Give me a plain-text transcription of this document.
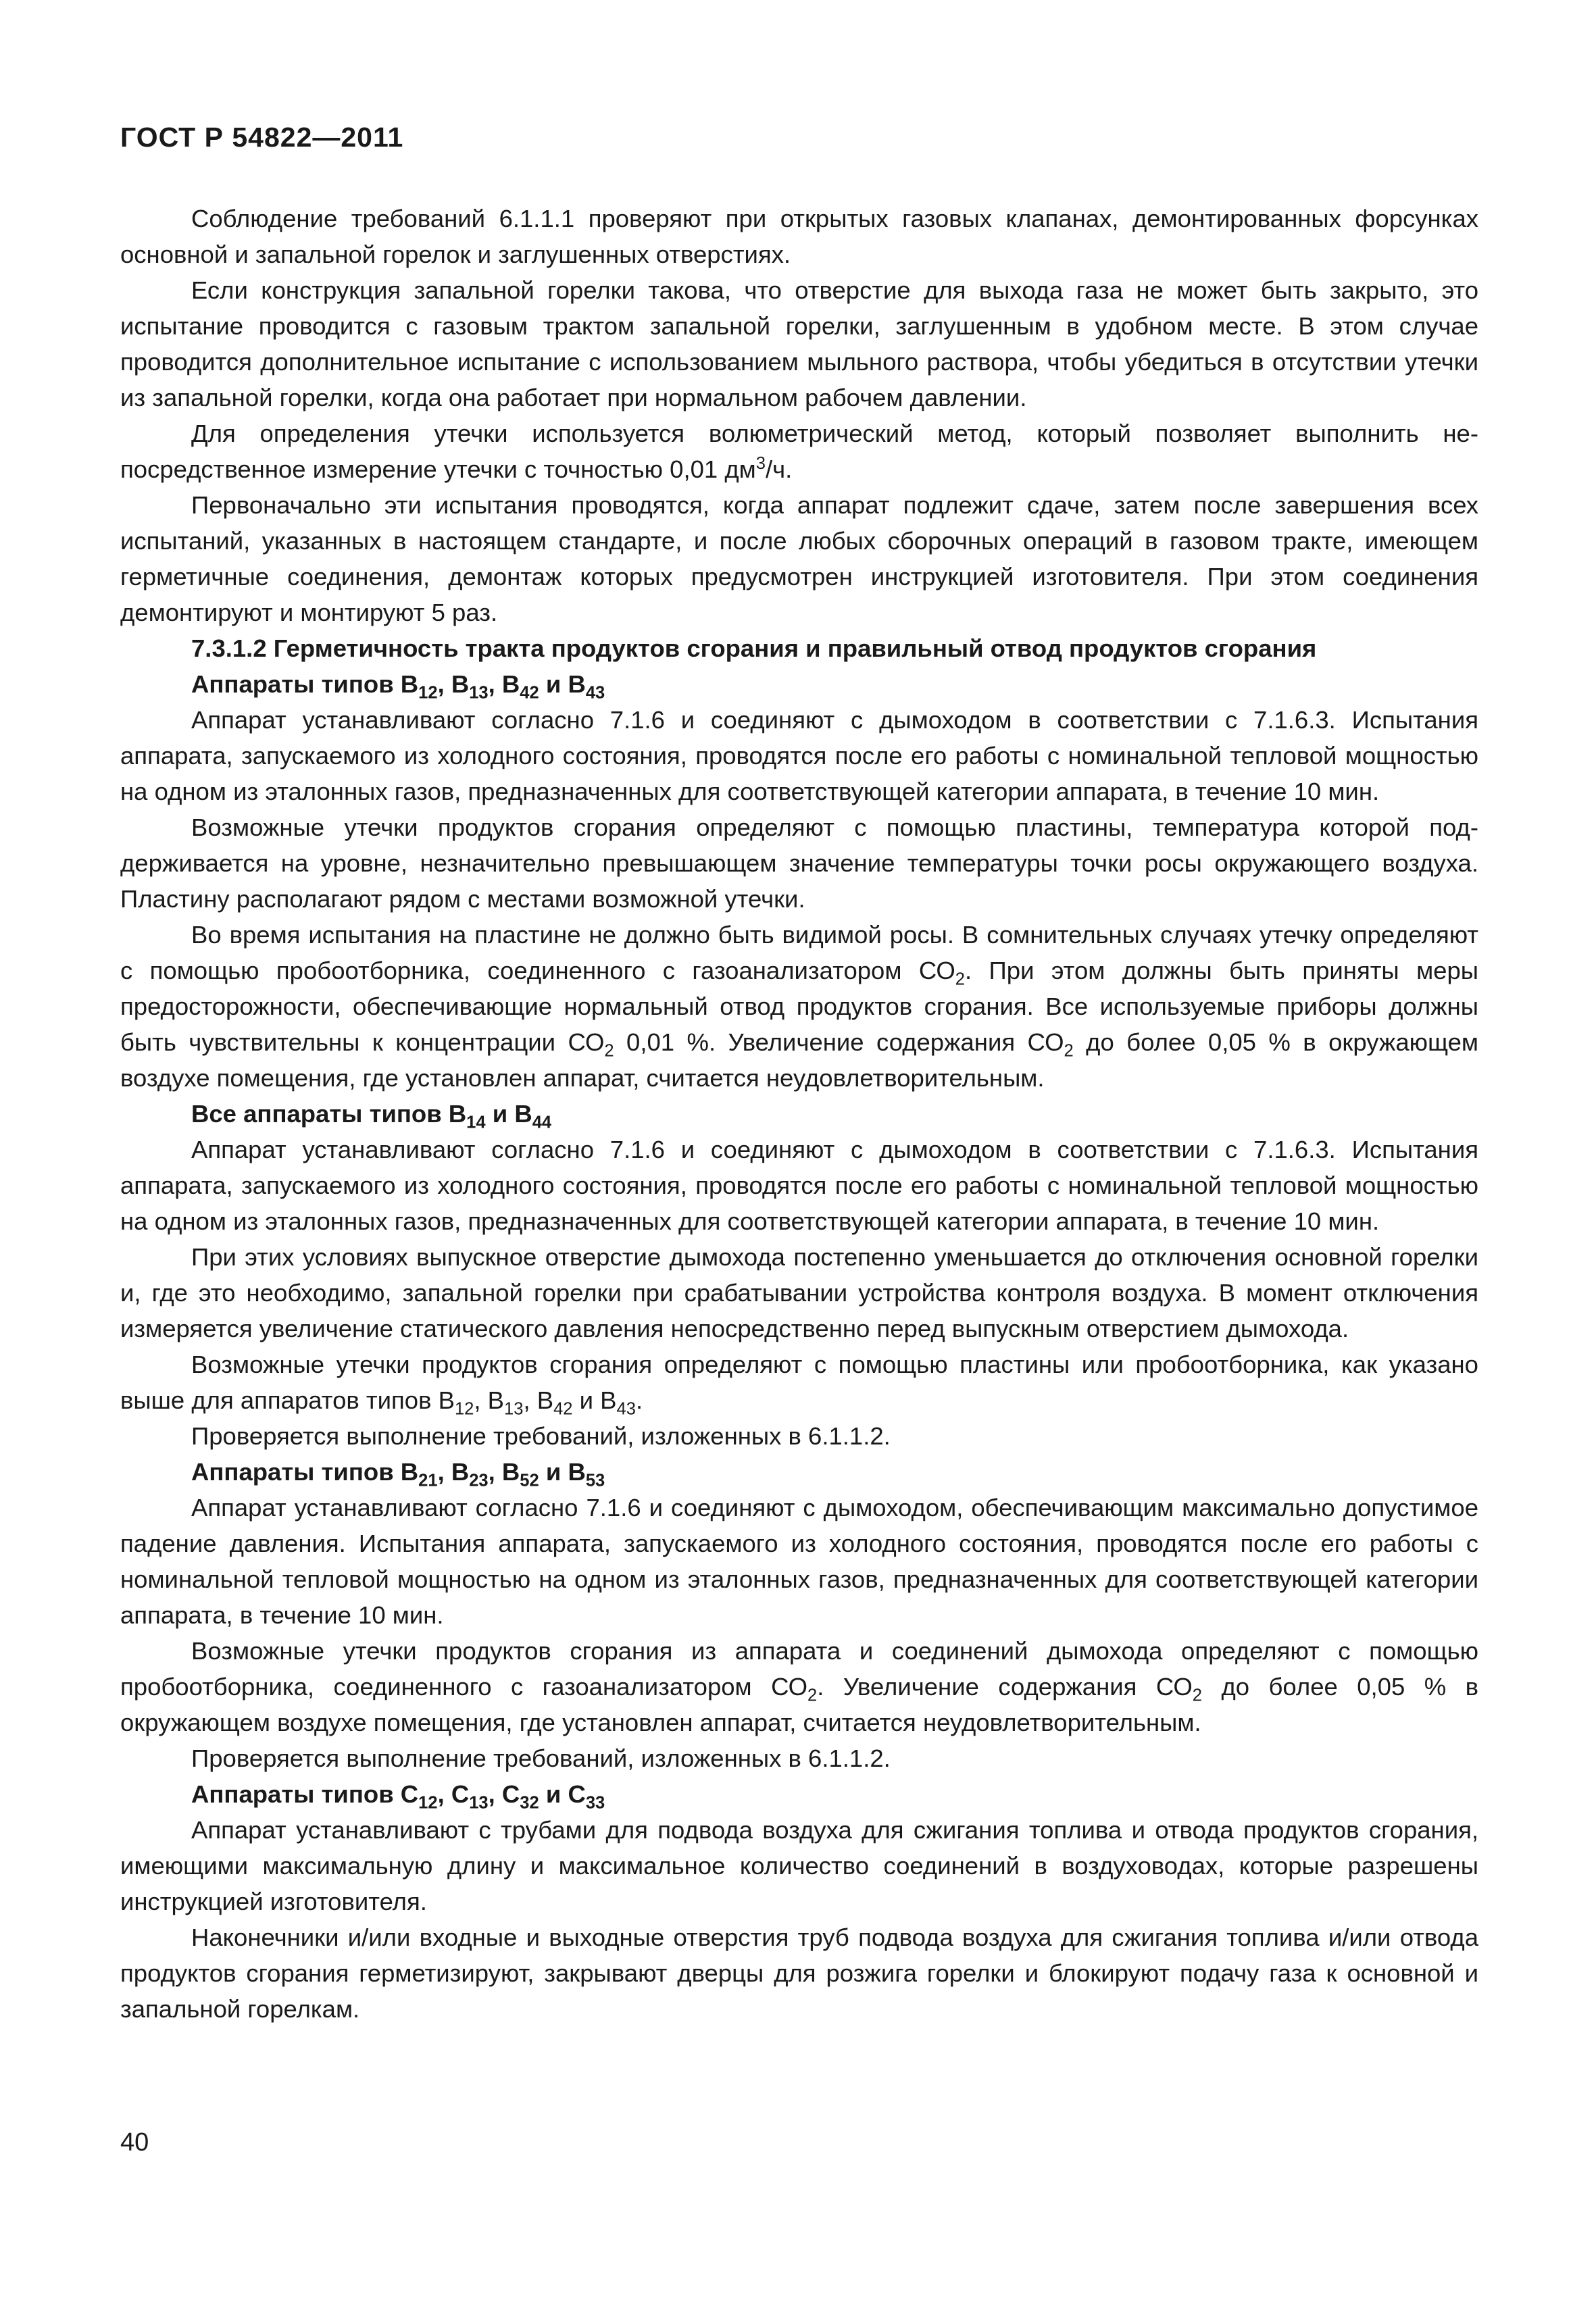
ГОСТ Р 54822—2011

Соблюдение требований 6.1.1.1 проверяют при открытых газовых клапанах, демонтированных форсунках основной и запальной горелок и заглушенных отверстиях.

Если конструкция запальной горелки такова, что отверстие для выхода газа не может быть закрыто, это испытание проводится с газовым трактом запальной горелки, заглушенным в удобном месте. В этом случае проводится дополнительное испытание с использованием мыльного раствора, чтобы убедиться в отсутствии утечки из запальной горелки, когда она работает при нормальном рабочем давлении.

Для определения утечки используется волюметрический метод, который позволяет выполнить непосредственное измерение утечки с точностью 0,01 $дм^3/ч$.

Первоначально эти испытания проводятся, когда аппарат подлежит сдаче, затем после завершения всех испытаний, указанных в настоящем стандарте, и после любых сборочных операций в газовом тракте, имеющем герметичные соединения, демонтаж которых предусмотрен инструкцией изготовителя. При этом соединения демонтируют и монтируют 5 раз.

7.3.1.2 Герметичность тракта продуктов сгорания и правильный отвод продуктов сгорания

Аппараты типов $В_{12}$, $В_{13}$, $В_{42}$ и $В_{43}$

Аппарат устанавливают согласно 7.1.6 и соединяют с дымоходом в соответствии с 7.1.6.3. Испытания аппарата, запускаемого из холодного состояния, проводятся после его работы с номинальной тепловой мощностью на одном из эталонных газов, предназначенных для соответствующей категории аппарата, в течение 10 мин.

Возможные утечки продуктов сгорания определяют с помощью пластины, температура которой поддерживается на уровне, незначительно превышающем значение температуры точки росы окружающего воздуха. Пластину располагают рядом с местами возможной утечки.

Во время испытания на пластине не должно быть видимой росы. В сомнительных случаях утечку определяют с помощью пробоотборника, соединенного с газоанализатором $СО_2$. При этом должны быть приняты меры предосторожности, обеспечивающие нормальный отвод продуктов сгорания. Все используемые приборы должны быть чувствительны к концентрации $СО_2$ 0,01 %. Увеличение содержания $СО_2$ до более 0,05 % в окружающем воздухе помещения, где установлен аппарат, считается неудовлетворительным.

Все аппараты типов $В_{14}$ и $В_{44}$

Аппарат устанавливают согласно 7.1.6 и соединяют с дымоходом в соответствии с 7.1.6.3. Испытания аппарата, запускаемого из холодного состояния, проводятся после его работы с номинальной тепловой мощностью на одном из эталонных газов, предназначенных для соответствующей категории аппарата, в течение 10 мин.

При этих условиях выпускное отверстие дымохода постепенно уменьшается до отключения основной горелки и, где это необходимо, запальной горелки при срабатывании устройства контроля воздуха. В момент отключения измеряется увеличение статического давления непосредственно перед выпускным отверстием дымохода.

Возможные утечки продуктов сгорания определяют с помощью пластины или пробоотборника, как указано выше для аппаратов типов $В_{12}$, $В_{13}$, $В_{42}$ и $В_{43}$.

Проверяется выполнение требований, изложенных в 6.1.1.2.

Аппараты типов $В_{21}$, $В_{23}$, $В_{52}$ и $В_{53}$

Аппарат устанавливают согласно 7.1.6 и соединяют с дымоходом, обеспечивающим максимально допустимое падение давления. Испытания аппарата, запускаемого из холодного состояния, проводятся после его работы с номинальной тепловой мощностью на одном из эталонных газов, предназначенных для соответствующей категории аппарата, в течение 10 мин.

Возможные утечки продуктов сгорания из аппарата и соединений дымохода определяют с помощью пробоотборника, соединенного с газоанализатором $СО_2$. Увеличение содержания $СО_2$ до более 0,05 % в окружающем воздухе помещения, где установлен аппарат, считается неудовлетворительным.

Проверяется выполнение требований, изложенных в 6.1.1.2.

Аппараты типов $С_{12}$, $С_{13}$, $С_{32}$ и $С_{33}$

Аппарат устанавливают с трубами для подвода воздуха для сжигания топлива и отвода продуктов сгорания, имеющими максимальную длину и максимальное количество соединений в воздуховодах, которые разрешены инструкцией изготовителя.

Наконечники и/или входные и выходные отверстия труб подвода воздуха для сжигания топлива и/или отвода продуктов сгорания герметизируют, закрывают дверцы для розжига горелки и блокируют подачу газа к основной и запальной горелкам.

40
